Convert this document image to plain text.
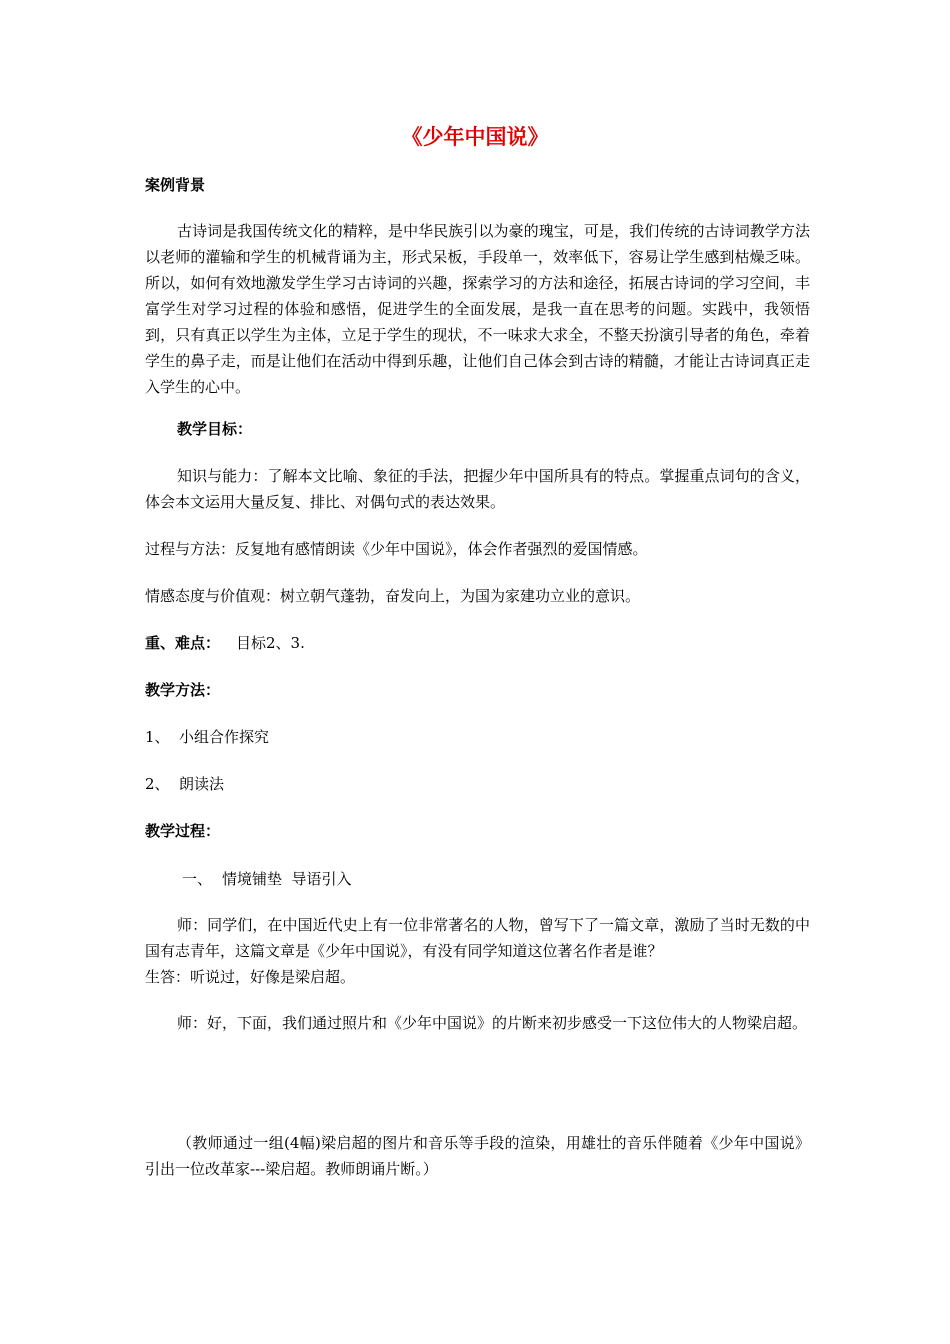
《少年中国说》

案例背景

古诗词是我国传统文化的精粹，是中华民族引以为豪的瑰宝，可是，我们传统的古诗词教学方法以老师的灌输和学生的机械背诵为主，形式呆板，手段单一，效率低下，容易让学生感到枯燥乏味。所以，如何有效地激发学生学习古诗词的兴趣，探索学习的方法和途径，拓展古诗词的学习空间，丰富学生对学习过程的体验和感悟，促进学生的全面发展，是我一直在思考的问题。实践中，我领悟到，只有真正以学生为主体，立足于学生的现状，不一味求大求全，不整天扮演引导者的角色，牵着学生的鼻子走，而是让他们在活动中得到乐趣，让他们自己体会到古诗的精髓，才能让古诗词真正走入学生的心中。

教学目标：

知识与能力：了解本文比喻、象征的手法，把握少年中国所具有的特点。掌握重点词句的含义，体会本文运用大量反复、排比、对偶句式的表达效果。

过程与方法：反复地有感情朗读《少年中国说》，体会作者强烈的爱国情感。

情感态度与价值观：树立朝气蓬勃，奋发向上，为国为家建功立业的意识。

重、难点： 目标2、3.

教学方法：

1、 小组合作探究

2、 朗读法

教学过程：

一、 情境铺垫  导语引入

师：同学们，在中国近代史上有一位非常著名的人物，曾写下了一篇文章，激励了当时无数的中国有志青年，这篇文章是《少年中国说》，有没有同学知道这位著名作者是谁？

生答：听说过，好像是梁启超。

师：好，下面，我们通过照片和《少年中国说》的片断来初步感受一下这位伟大的人物梁启超。

（教师通过一组(4幅)梁启超的图片和音乐等手段的渲染，用雄壮的音乐伴随着《少年中国说》引出一位改革家---梁启超。教师朗诵片断。）
